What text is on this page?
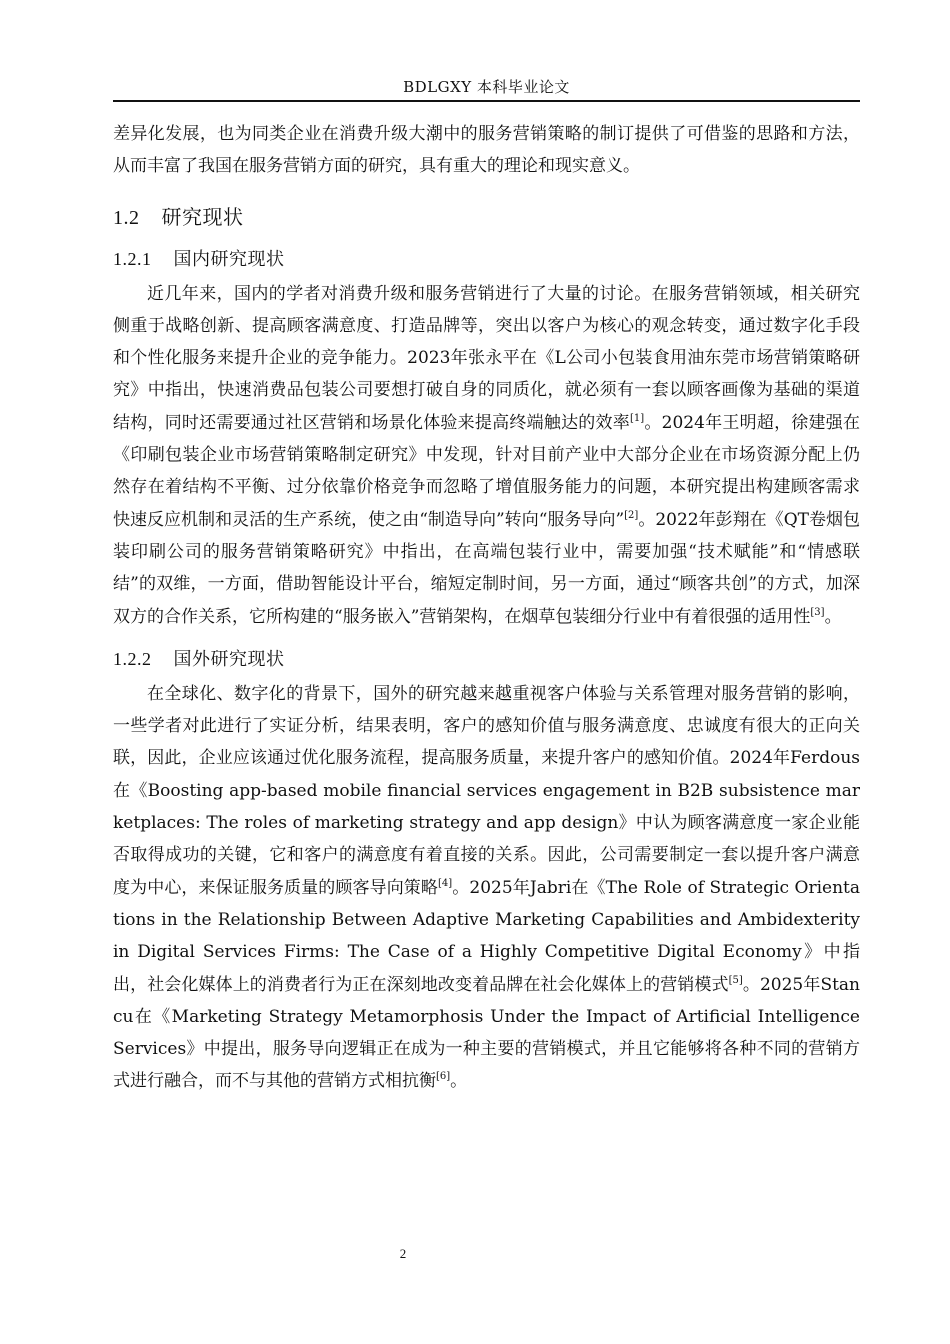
BDLGXY 本科毕业论文

差异化发展，也为同类企业在消费升级大潮中的服务营销策略的制订提供了可借鉴的思路和方法，从而丰富了我国在服务营销方面的研究，具有重大的理论和现实意义。

1.2 研究现状
1.2.1 国内研究现状

近几年来，国内的学者对消费升级和服务营销进行了大量的讨论。在服务营销领域，相关研究侧重于战略创新、提高顾客满意度、打造品牌等，突出以客户为核心的观念转变，通过数字化手段和个性化服务来提升企业的竞争能力。2023年张永平在《L公司小包装食用油东莞市场营销策略研究》中指出，快速消费品包装公司要想打破自身的同质化，就必须有一套以顾客画像为基础的渠道结构，同时还需要通过社区营销和场景化体验来提高终端触达的效率[1]。2024年王明超，徐建强在《印刷包装企业市场营销策略制定研究》中发现，针对目前产业中大部分企业在市场资源分配上仍然存在着结构不平衡、过分依靠价格竞争而忽略了增值服务能力的问题，本研究提出构建顾客需求快速反应机制和灵活的生产系统，使之由“制造导向”转向“服务导向”[2]。2022年彭翔在《QT卷烟包装印刷公司的服务营销策略研究》中指出，在高端包装行业中，需要加强“技术赋能”和“情感联结”的双维，一方面，借助智能设计平台，缩短定制时间，另一方面，通过“顾客共创”的方式，加深双方的合作关系，它所构建的“服务嵌入”营销架构，在烟草包装细分行业中有着很强的适用性[3]。

1.2.2 国外研究现状

在全球化、数字化的背景下，国外的研究越来越重视客户体验与关系管理对服务营销的影响，一些学者对此进行了实证分析，结果表明，客户的感知价值与服务满意度、忠诚度有很大的正向关联，因此，企业应该通过优化服务流程，提高服务质量，来提升客户的感知价值。2024年Ferdous在《Boosting app-based mobile financial services engagement in B2B subsistence marketplaces: The roles of marketing strategy and app design》中认为顾客满意度一家企业能否取得成功的关键，它和客户的满意度有着直接的关系。因此，公司需要制定一套以提升客户满意度为中心，来保证服务质量的顾客导向策略[4]。2025年Jabri在《The Role of Strategic Orientations in the Relationship Between Adaptive Marketing Capabilities and Ambidexterity in Digital Services Firms: The Case of a Highly Competitive Digital Economy》中指出，社会化媒体上的消费者行为正在深刻地改变着品牌在社会化媒体上的营销模式[5]。2025年Stancu在《Marketing Strategy Metamorphosis Under the Impact of Artificial Intelligence Services》中提出，服务导向逻辑正在成为一种主要的营销模式，并且它能够将各种不同的营销方式进行融合，而不与其他的营销方式相抗衡[6]。

2
